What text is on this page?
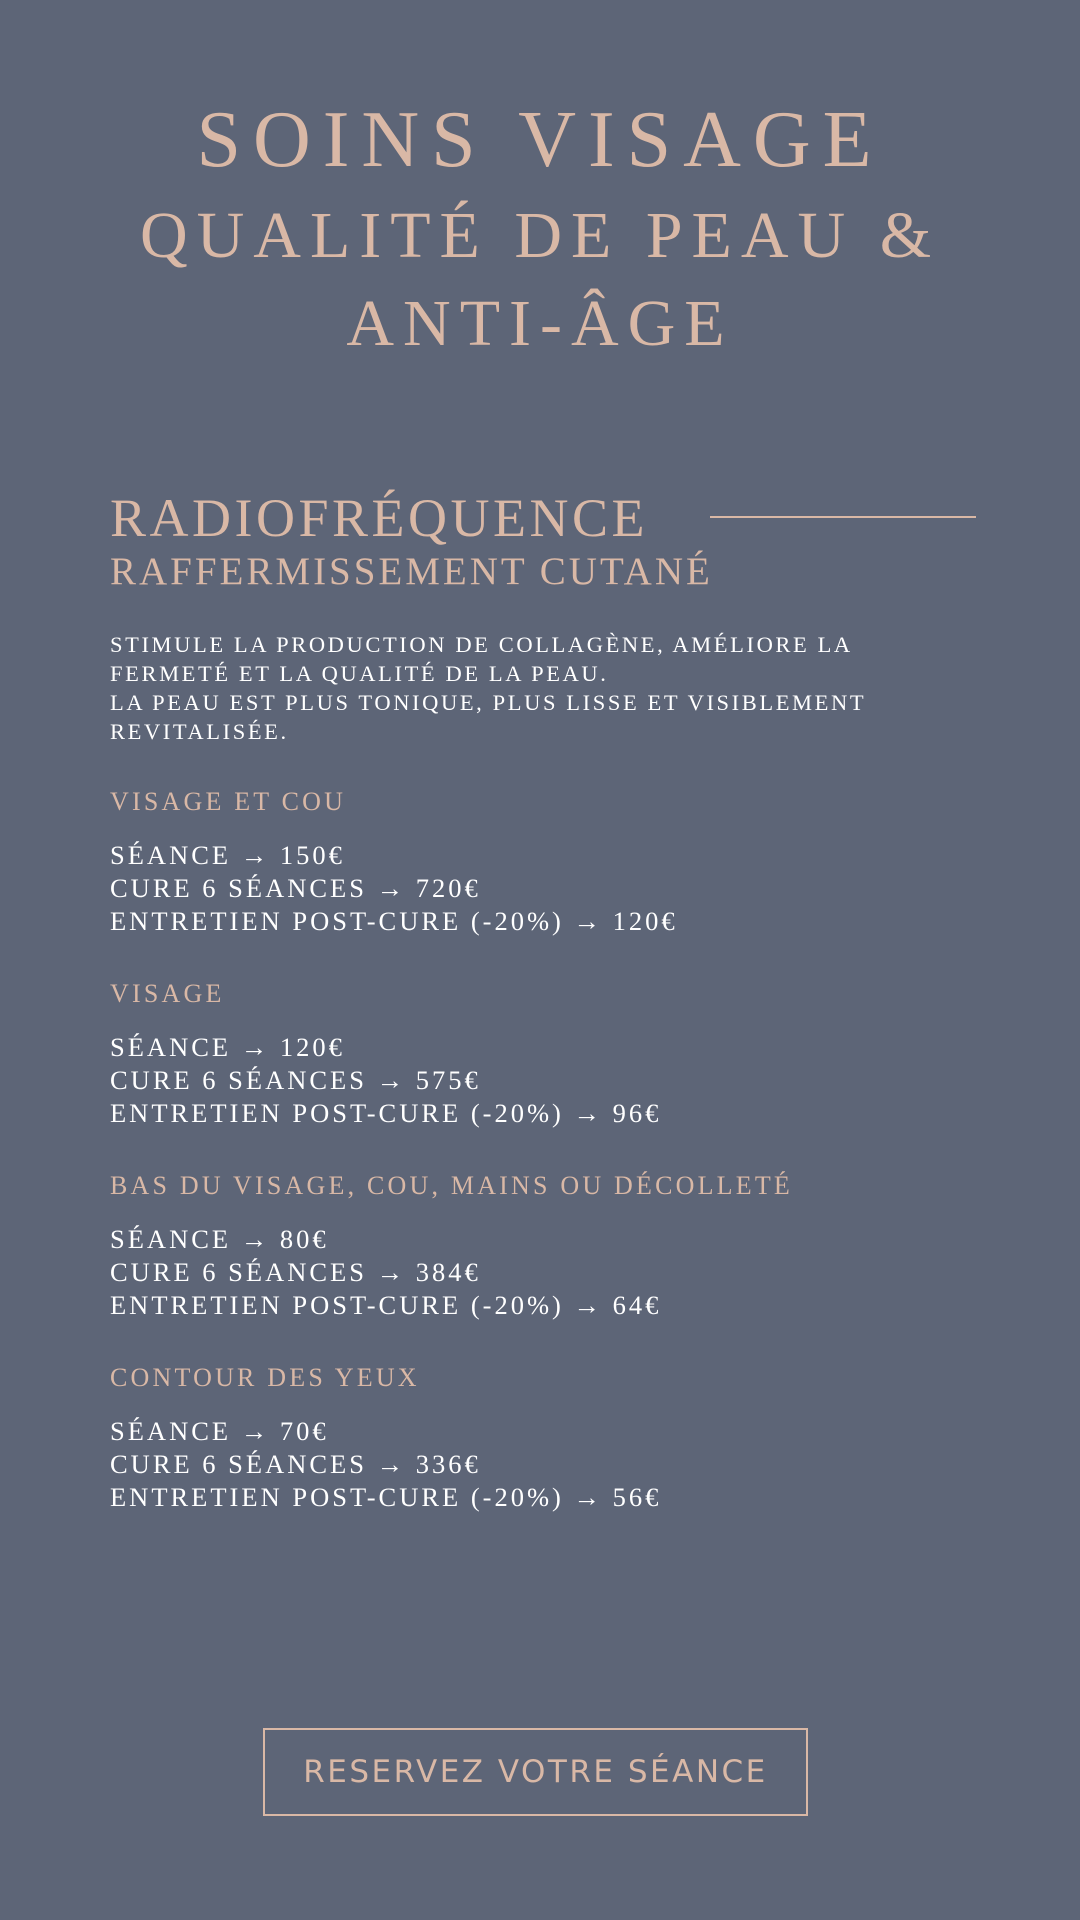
SOINS VISAGE
QUALITÉ DE PEAU &
ANTI-ÂGE
RADIOFRÉQUENCE
RAFFERMISSEMENT CUTANÉ

STIMULE LA PRODUCTION DE COLLAGÈNE, AMÉLIORE LA FERMETÉ ET LA QUALITÉ DE LA PEAU.

LA PEAU EST PLUS TONIQUE, PLUS LISSE ET VISIBLEMENT REVITALISÉE.

VISAGE ET COU
SÉANCE → 150€
CURE 6 SÉANCES → 720€
ENTRETIEN POST-CURE (-20%) → 120€
VISAGE
SÉANCE → 120€
CURE 6 SÉANCES → 575€
ENTRETIEN POST-CURE (-20%) → 96€
BAS DU VISAGE, COU, MAINS OU DÉCOLLETÉ
SÉANCE → 80€
CURE 6 SÉANCES → 384€
ENTRETIEN POST-CURE (-20%) → 64€
CONTOUR DES YEUX
SÉANCE → 70€
CURE 6 SÉANCES → 336€
ENTRETIEN POST-CURE (-20%) → 56€
RESERVEZ VOTRE SÉANCE
